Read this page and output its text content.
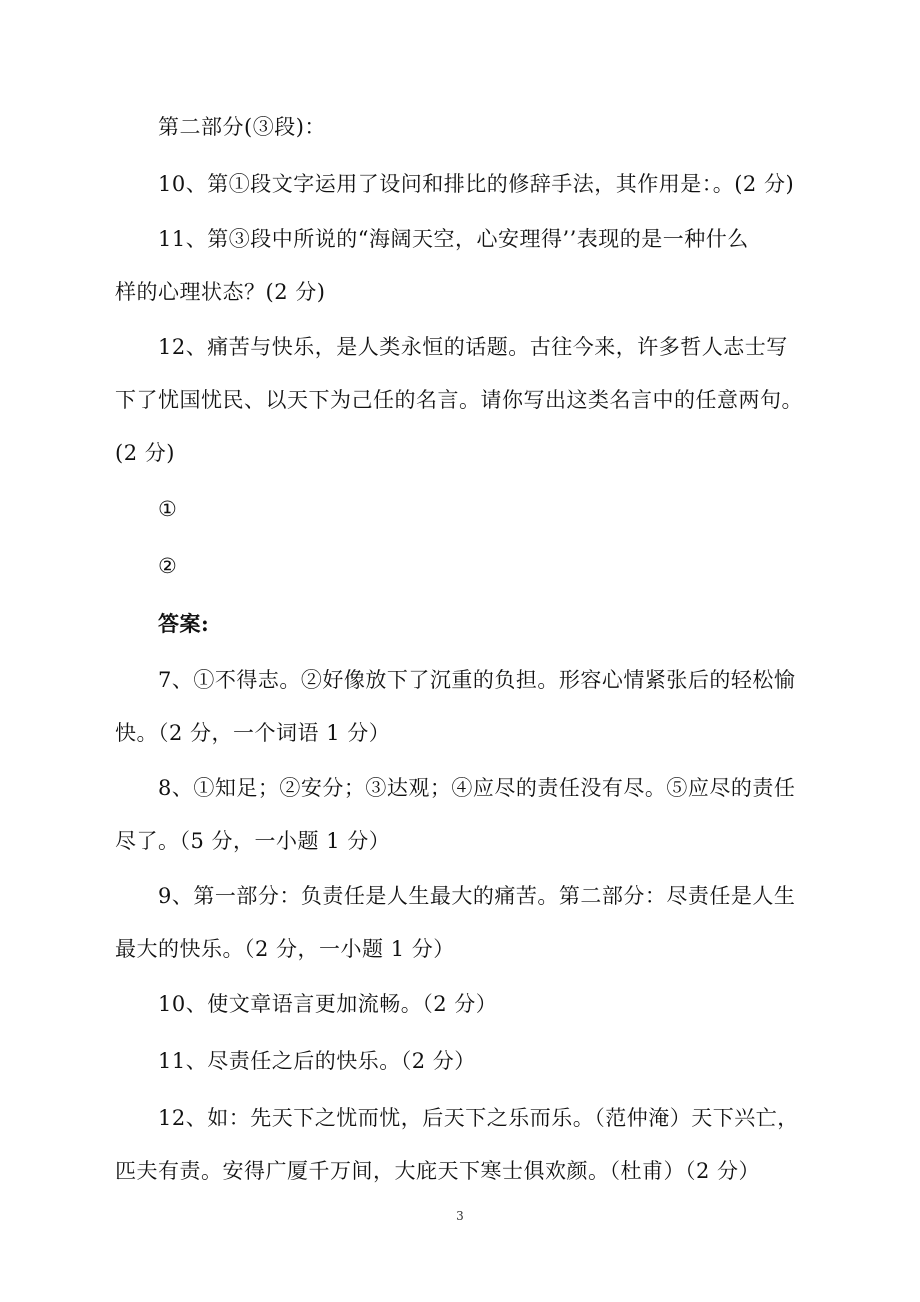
第二部分(③段)：
10、第①段文字运用了设问和排比的修辞手法，其作用是：。(2 分)
11、第③段中所说的“海阔天空，心安理得’’表现的是一种什么
样的心理状态？(2 分)
12、痛苦与快乐，是人类永恒的话题。古往今来，许多哲人志士写
下了忧国忧民、以天下为己任的名言。请你写出这类名言中的任意两句。
(2 分)
①
②
答案:
7、①不得志。②好像放下了沉重的负担。形容心情紧张后的轻松愉
快。（2 分，一个词语 1 分）
8、①知足；②安分；③达观；④应尽的责任没有尽。⑤应尽的责任
尽了。（5 分，一小题 1 分）
9、第一部分：负责任是人生最大的痛苦。第二部分：尽责任是人生
最大的快乐。（2 分，一小题 1 分）
10、使文章语言更加流畅。（2 分）
11、尽责任之后的快乐。（2 分）
12、如：先天下之忧而忧，后天下之乐而乐。（范仲淹）天下兴亡，
匹夫有责。安得广厦千万间，大庇天下寒士俱欢颜。（杜甫）（2 分）
3
